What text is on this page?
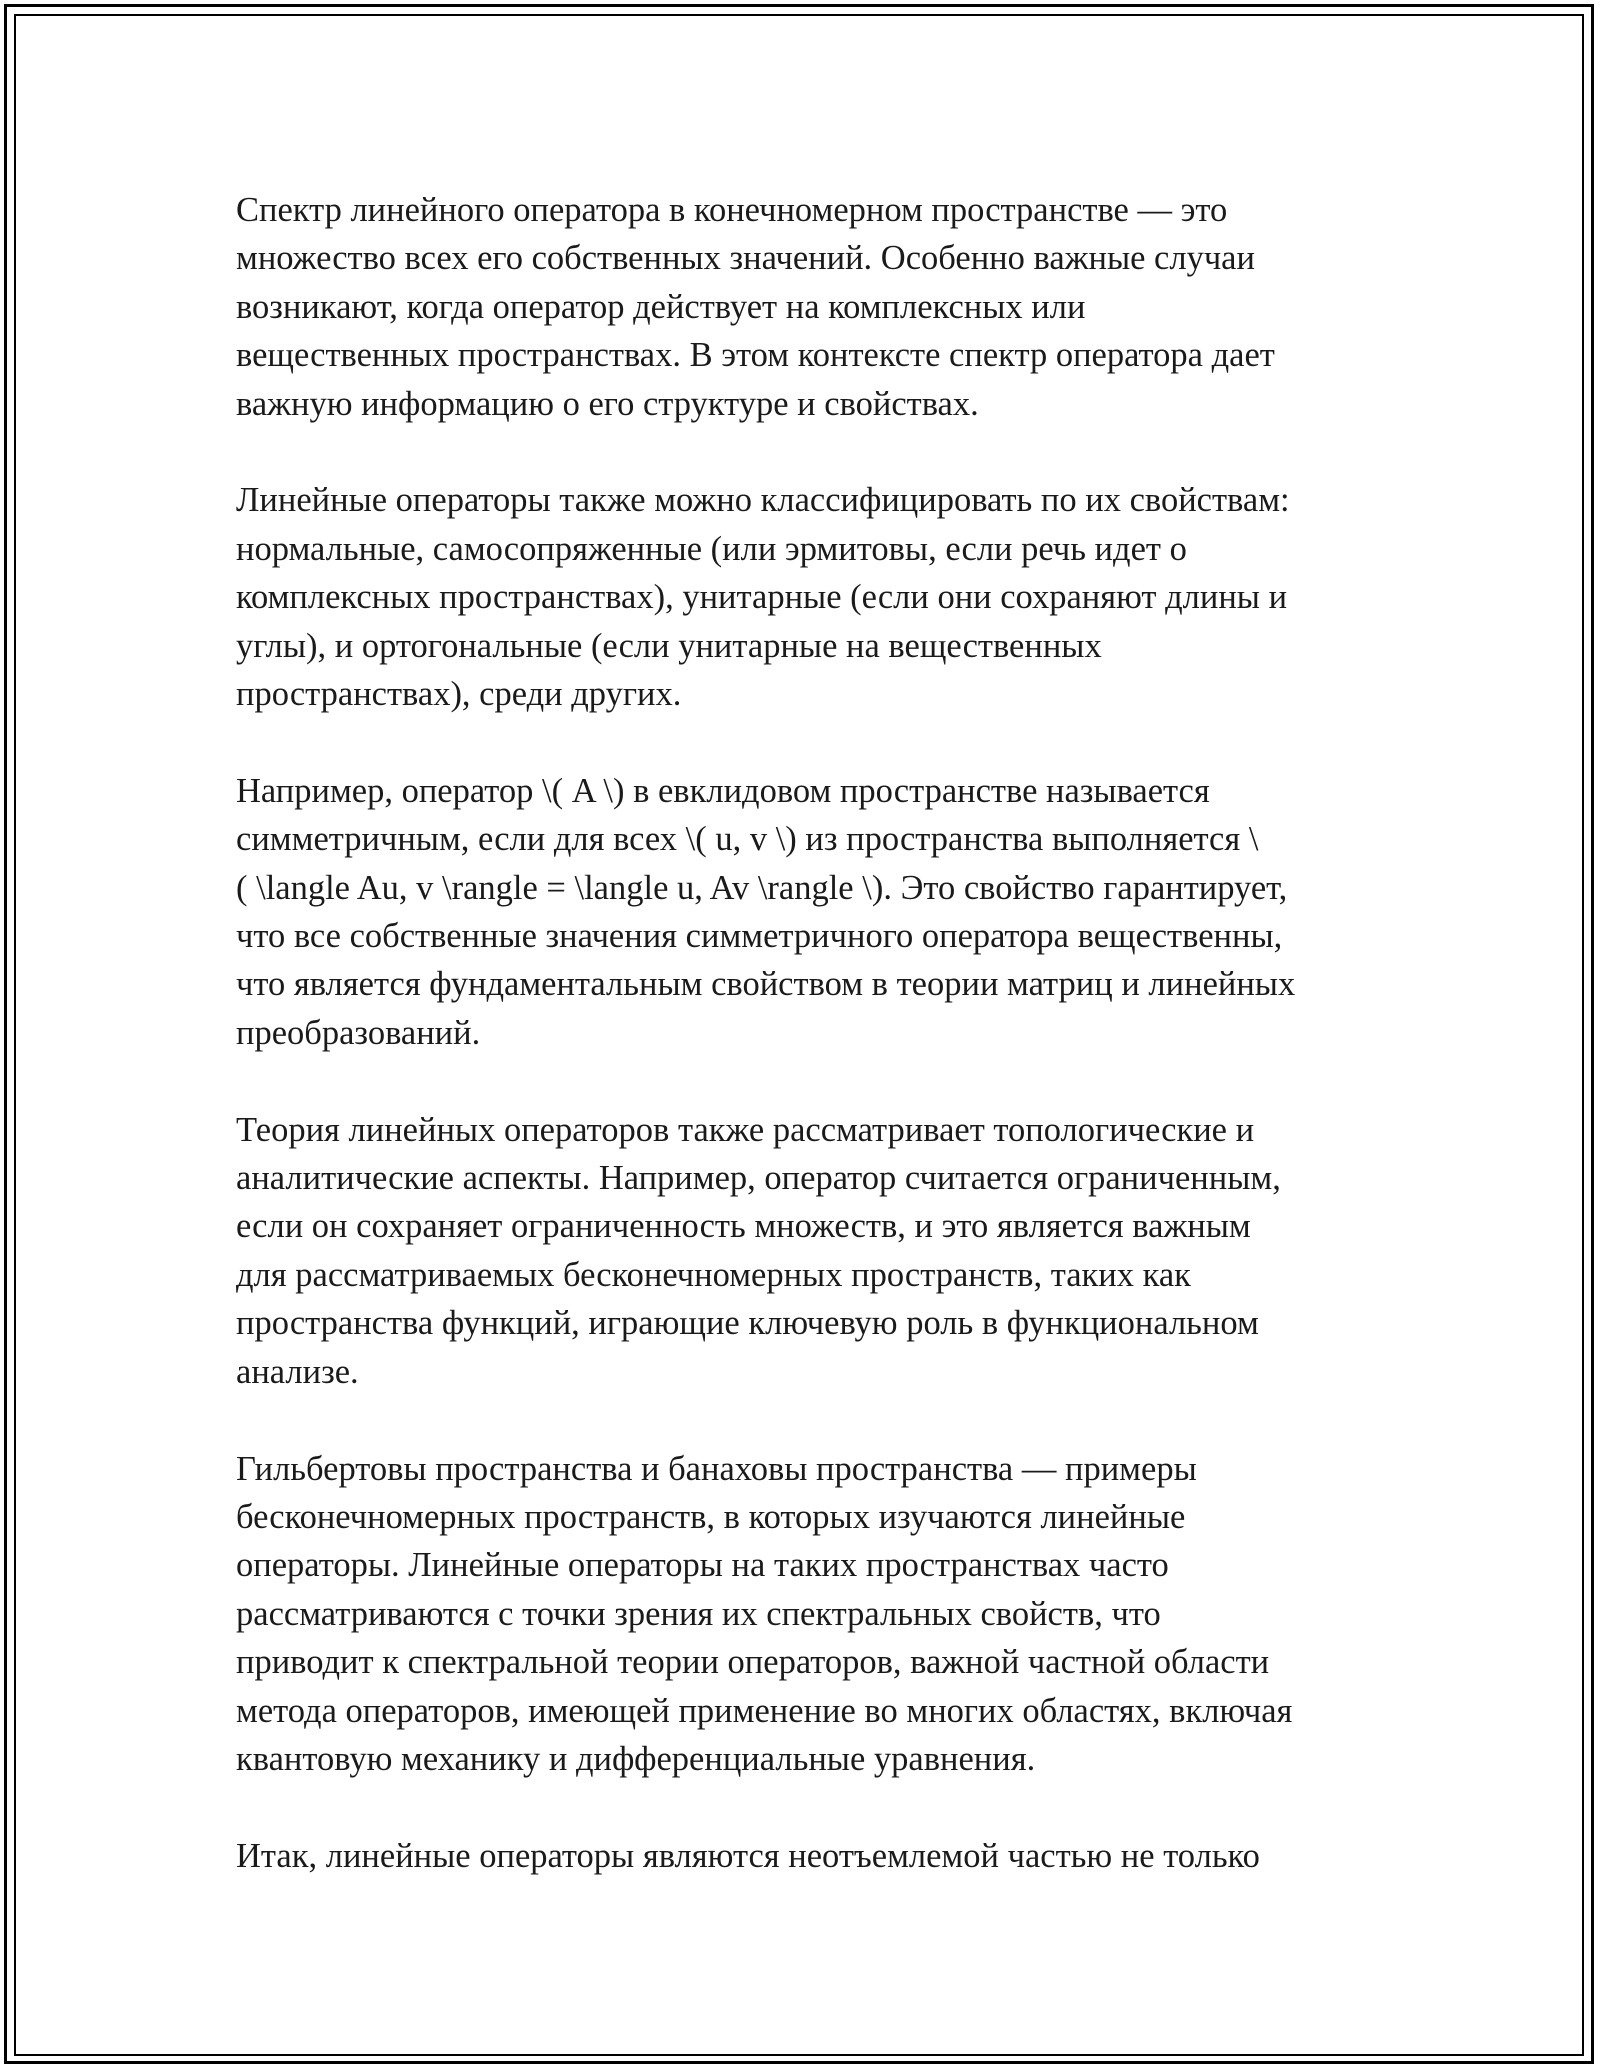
Спектр линейного оператора в конечномерном пространстве — это
множество всех его собственных значений. Особенно важные случаи
возникают, когда оператор действует на комплексных или
вещественных пространствах. В этом контексте спектр оператора дает
важную информацию о его структуре и свойствах.

Линейные операторы также можно классифицировать по их свойствам:
нормальные, самосопряженные (или эрмитовы, если речь идет о
комплексных пространствах), унитарные (если они сохраняют длины и
углы), и ортогональные (если унитарные на вещественных
пространствах), среди других.

Например, оператор \( A \) в евклидовом пространстве называется
симметричным, если для всех \( u, v \) из пространства выполняется \
( \langle Au, v \rangle = \langle u, Av \rangle \). Это свойство гарантирует,
что все собственные значения симметричного оператора вещественны,
что является фундаментальным свойством в теории матриц и линейных
преобразований.

Теория линейных операторов также рассматривает топологические и
аналитические аспекты. Например, оператор считается ограниченным,
если он сохраняет ограниченность множеств, и это является важным
для рассматриваемых бесконечномерных пространств, таких как
пространства функций, играющие ключевую роль в функциональном
анализе.

Гильбертовы пространства и банаховы пространства — примеры
бесконечномерных пространств, в которых изучаются линейные
операторы. Линейные операторы на таких пространствах часто
рассматриваются с точки зрения их спектральных свойств, что
приводит к спектральной теории операторов, важной частной области
метода операторов, имеющей применение во многих областях, включая
квантовую механику и дифференциальные уравнения.

Итак, линейные операторы являются неотъемлемой частью не только
